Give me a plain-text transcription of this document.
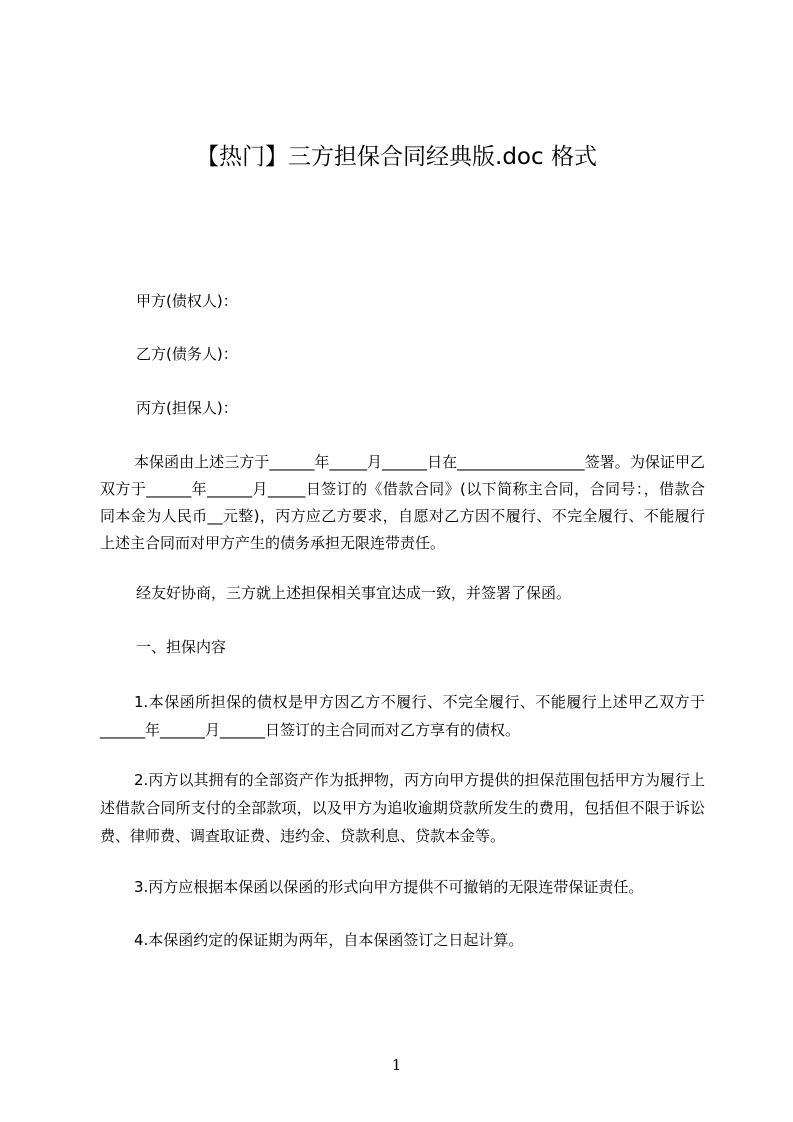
【热门】三方担保合同经典版.doc 格式
甲方(债权人)：
乙方(债务人)：
丙方(担保人)：
本保函由上述三方于______年_____月______日在_________________签署。为保证甲乙双方于______年______月_____日签订的《借款合同》(以下简称主合同，合同号：，借款合同本金为人民币__元整)，丙方应乙方要求，自愿对乙方因不履行、不完全履行、不能履行上述主合同而对甲方产生的债务承担无限连带责任。
经友好协商，三方就上述担保相关事宜达成一致，并签署了保函。
一、担保内容
1.本保函所担保的债权是甲方因乙方不履行、不完全履行、不能履行上述甲乙双方于______年______月______日签订的主合同而对乙方享有的债权。
2.丙方以其拥有的全部资产作为抵押物，丙方向甲方提供的担保范围包括甲方为履行上述借款合同所支付的全部款项，以及甲方为追收逾期贷款所发生的费用，包括但不限于诉讼费、律师费、调查取证费、违约金、贷款利息、贷款本金等。
3.丙方应根据本保函以保函的形式向甲方提供不可撤销的无限连带保证责任。
4.本保函约定的保证期为两年，自本保函签订之日起计算。
1
